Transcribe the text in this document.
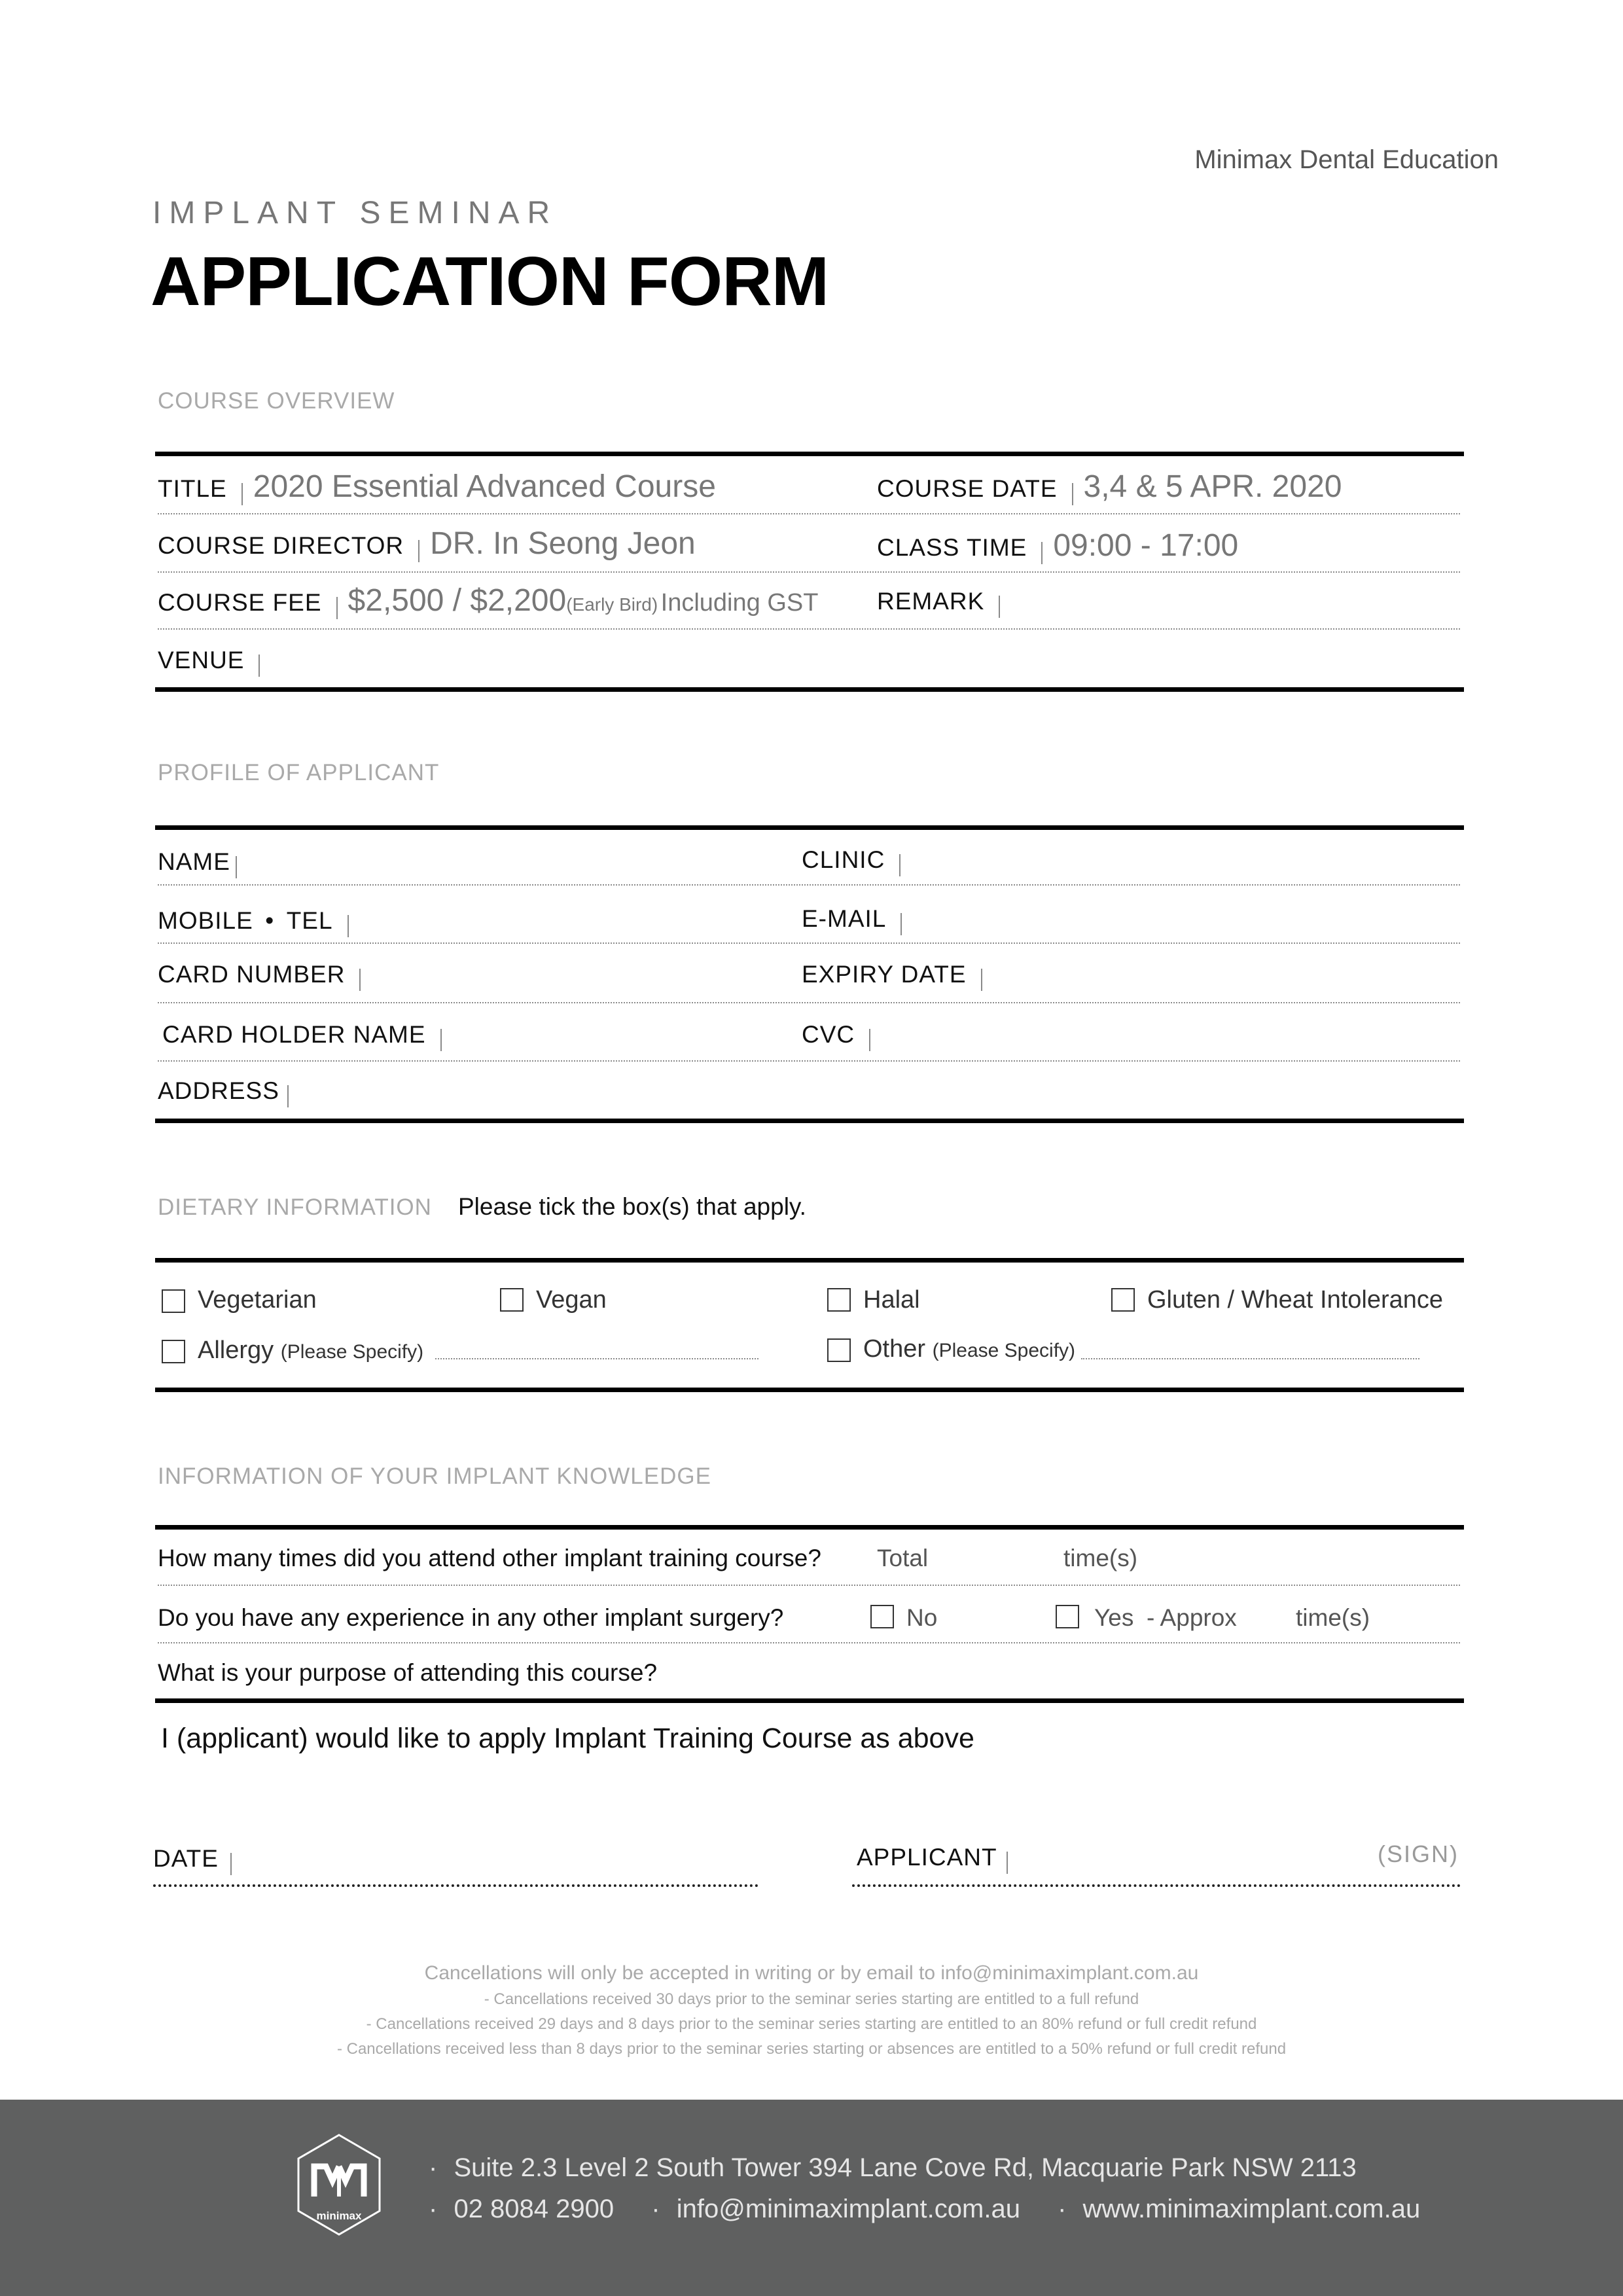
Minimax Dental Education
IMPLANT SEMINAR
APPLICATION FORM
COURSE OVERVIEW
TITLE 2020 Essential Advanced Course	COURSE DATE 3,4 & 5 APR. 2020
COURSE DIRECTOR DR. In Seong Jeon	CLASS TIME 09:00 - 17:00
COURSE FEE $2,500 / $2,200(Early Bird) Including GST REMARK
VENUE
PROFILE OF APPLICANT
NAME	CLINIC
MOBILE • TEL	E-MAIL
CARD NUMBER	EXPIRY DATE
CARD HOLDER NAME	CVC
ADDRESS
DIETARY INFORMATION Please tick the box(s) that apply.
Vegetarian	Vegan	Halal	Gluten / Wheat Intolerance
Allergy (Please Specify)	Other (Please Specify)
INFORMATION OF YOUR IMPLANT KNOWLEDGE
How many times did you attend other implant training course? Total	time(s)
Do you have any experience in any other implant surgery?	No	Yes - Approx time(s)
What is your purpose of attending this course?
I (applicant) would like to apply Implant Training Course as above
DATE	APPLICANT	(SIGN)
Cancellations will only be accepted in writing or by email to info@minimaximplant.com.au
- Cancellations received 30 days prior to the seminar series starting are entitled to a full refund
- Cancellations received 29 days and 8 days prior to the seminar series starting are entitled to an 80% refund or full credit refund
- Cancellations received less than 8 days prior to the seminar series starting or absences are entitled to a 50% refund or full credit refund
minimax
· Suite 2.3 Level 2 South Tower 394 Lane Cove Rd, Macquarie Park NSW 2113
· 02 8084 2900 · info@minimaximplant.com.au · www.minimaximplant.com.au
